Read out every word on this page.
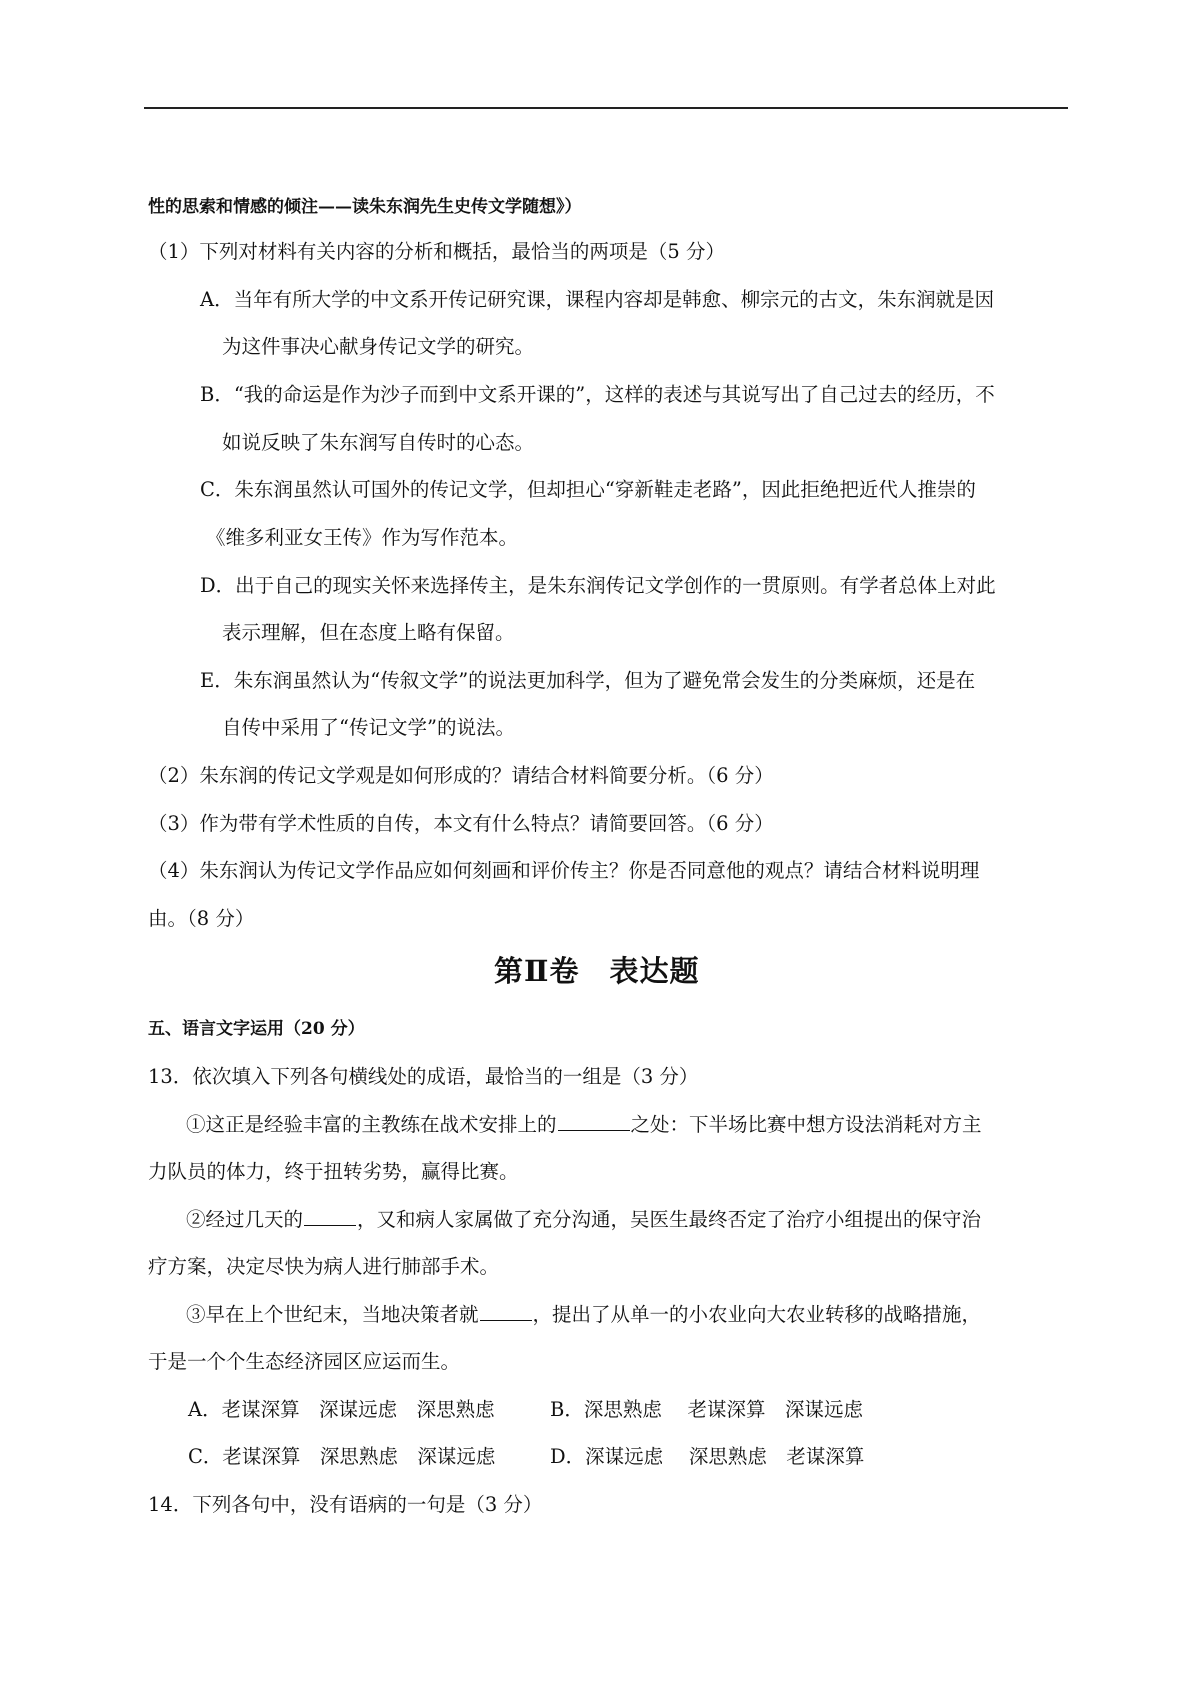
性的思索和情感的倾注——读朱东润先生史传文学随想》）
（1）下列对材料有关内容的分析和概括，最恰当的两项是（5 分）
A．当年有所大学的中文系开传记研究课，课程内容却是韩愈、柳宗元的古文，朱东润就是因
为这件事决心献身传记文学的研究。
B．“我的命运是作为沙子而到中文系开课的”，这样的表述与其说写出了自己过去的经历，不
如说反映了朱东润写自传时的心态。
C．朱东润虽然认可国外的传记文学，但却担心“穿新鞋走老路”，因此拒绝把近代人推崇的
《维多利亚女王传》作为写作范本。
D．出于自己的现实关怀来选择传主，是朱东润传记文学创作的一贯原则。有学者总体上对此
表示理解，但在态度上略有保留。
E．朱东润虽然认为“传叙文学”的说法更加科学，但为了避免常会发生的分类麻烦，还是在
自传中采用了“传记文学”的说法。
（2）朱东润的传记文学观是如何形成的？请结合材料简要分析。（6 分）
（3）作为带有学术性质的自传，本文有什么特点？请简要回答。（6 分）
（4）朱东润认为传记文学作品应如何刻画和评价传主？你是否同意他的观点？请结合材料说明理
由。（8 分）
第Ⅱ卷　表达题
五、语言文字运用（20 分）
13．依次填入下列各句横线处的成语，最恰当的一组是（3 分）
①这正是经验丰富的主教练在战术安排上的	之处：下半场比赛中想方设法消耗对方主
力队员的体力，终于扭转劣势，赢得比赛。
②经过几天的	，又和病人家属做了充分沟通，吴医生最终否定了治疗小组提出的保守治
疗方案，决定尽快为病人进行肺部手术。
③早在上个世纪末，当地决策者就	，提出了从单一的小农业向大农业转移的战略措施，
于是一个个生态经济园区应运而生。
A．老谋深算　深谋远虑　深思熟虑	B．深思熟虑　 老谋深算　深谋远虑
C．老谋深算　深思熟虑　深谋远虑	D．深谋远虑　 深思熟虑　老谋深算
14．下列各句中，没有语病的一句是（3 分）
